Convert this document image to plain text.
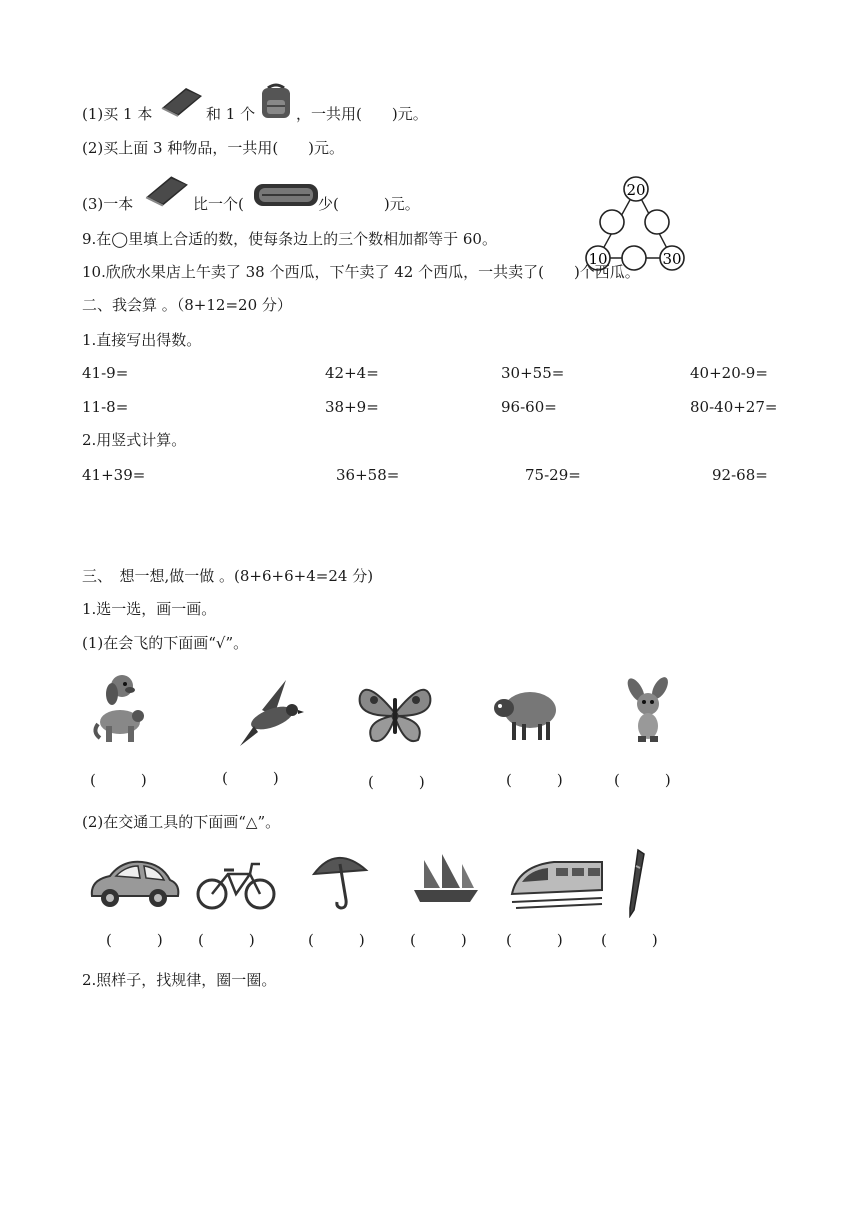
(1)买 1 本	和 1 个	，一共用(　　)元。
(2)买上面 3 种物品，一共用(　　)元。
(3)一本	比一个(	少(　　　)元。
20
10	30
9.在◯里填上合适的数，使每条边上的三个数相加都等于 60。
10.欣欣水果店上午卖了 38 个西瓜，下午卖了 42 个西瓜，一共卖了(　　)个西瓜。
二、我会算 。（8+12=20 分）
1.直接写出得数。
41-9=	42+4=	30+55=	40+20-9=
11-8=	38+9=	96-60=	80-40+27=
2.用竖式计算。
41+39=	36+58=	75-29=	92-68=
三、　想一想,做一做 。(8+6+6+4=24 分)
1.选一选，画一画。
(1)在会飞的下面画“√”。
(　　　)	(　　　)	(　　　)	(　　　)	(　　　)
(2)在交通工具的下面画“△”。
(　　　) (　　　)	(　　　)	(　　　)	(　　　)	(　　　)
2.照样子，找规律，圈一圈。
